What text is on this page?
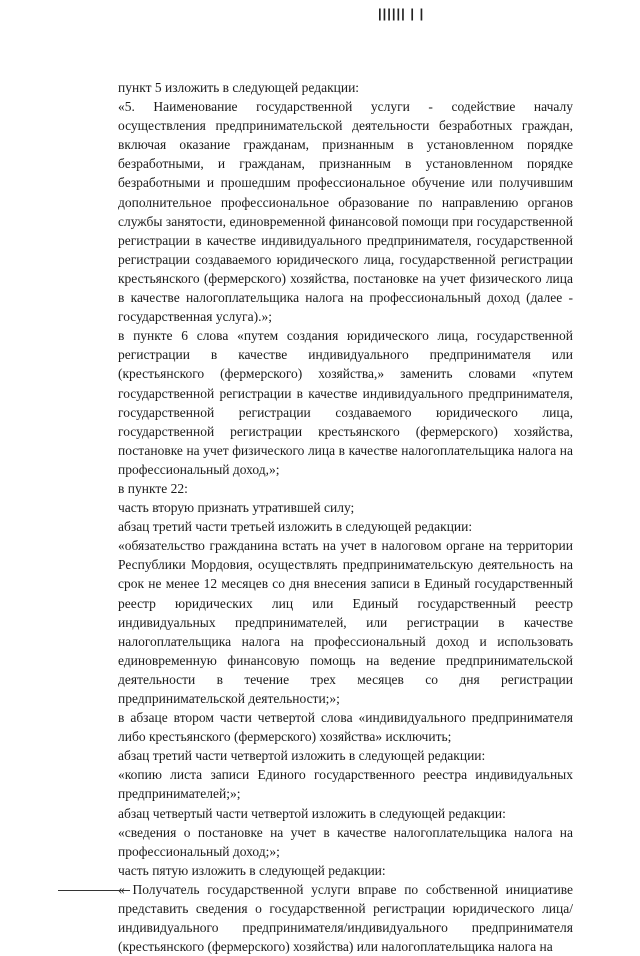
|||||| | |

пункт 5 изложить в следующей редакции:

«5. Наименование государственной услуги - содействие началу осуществления предпринимательской деятельности безработных граждан, включая оказание гражданам, признанным в установленном порядке безработными, и гражданам, признанным в установленном порядке безработными и прошедшим профессиональное обучение или получившим дополнительное профессиональное образование по направлению органов службы занятости, единовременной финансовой помощи при государственной регистрации в качестве индивидуального предпринимателя, государственной регистрации создаваемого юридического лица, государственной регистрации крестьянского (фермерского) хозяйства, постановке на учет физического лица в качестве налогоплательщика налога на профессиональный доход (далее - государственная услуга).»;

в пункте 6 слова «путем создания юридического лица, государственной регистрации в качестве индивидуального предпринимателя или (крестьянского (фермерского) хозяйства,» заменить словами «путем государственной регистрации в качестве индивидуального предпринимателя, государственной регистрации создаваемого юридического лица, государственной регистрации крестьянского (фермерского) хозяйства, постановке на учет физического лица в качестве налогоплательщика налога на профессиональный доход,»;

в пункте 22:

часть вторую признать утратившей силу;

абзац третий части третьей изложить в следующей редакции:

«обязательство гражданина встать на учет в налоговом органе на территории Республики Мордовия, осуществлять предпринимательскую деятельность на срок не менее 12 месяцев со дня внесения записи в Единый государственный реестр юридических лиц или Единый государственный реестр индивидуальных предпринимателей, или регистрации в качестве налогоплательщика налога на профессиональный доход и использовать единовременную финансовую помощь на ведение предпринимательской деятельности в течение трех месяцев со дня регистрации предпринимательской деятельности;»;

в абзаце втором части четвертой слова «индивидуального предпринимателя либо крестьянского (фермерского) хозяйства» исключить;

абзац третий части четвертой изложить в следующей редакции:

«копию листа записи Единого государственного реестра индивидуальных предпринимателей;»;

абзац четвертый части четвертой изложить в следующей редакции:

«сведения о постановке на учет в качестве налогоплательщика налога на профессиональный доход;»;

часть пятую изложить в следующей редакции:

« Получатель государственной услуги вправе по собственной инициативе представить сведения о государственной регистрации юридического лица/индивидуального предпринимателя/индивидуального предпринимателя (крестьянского (фермерского) хозяйства) или налогоплательщика налога на
